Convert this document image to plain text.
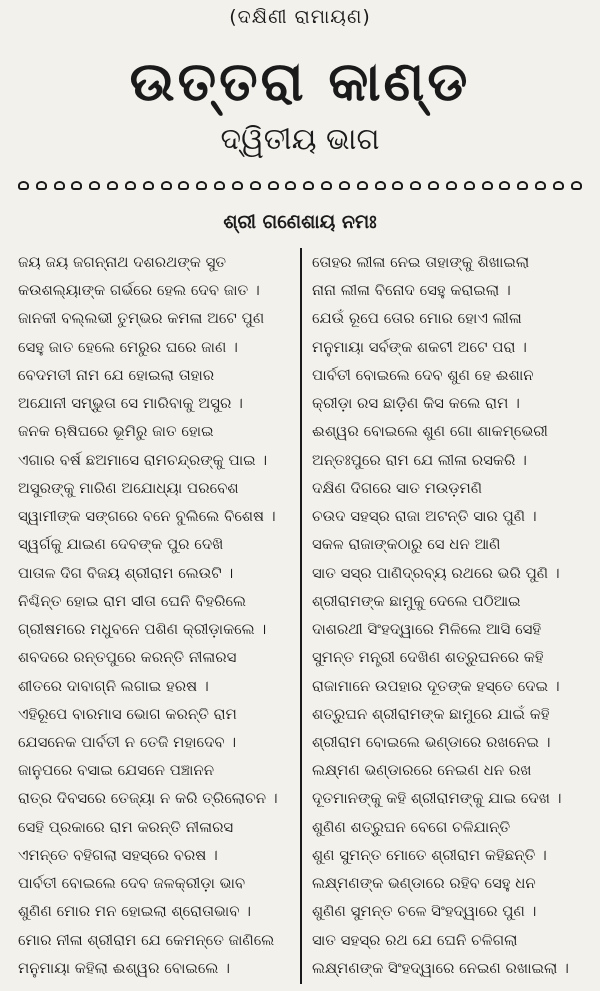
(ଦକ୍ଷିଣୀ ରାମାୟଣ)
ଉତ୍ତରା କାଣ୍ଡ
ଦ୍ୱିତୀୟ ଭାଗ
ଶ୍ରୀ ଗଣେଶାୟ ନମଃ
ଜୟ ଜୟ ଜଗନ୍ନାଥ ଦଶରଥଙ୍କ ସୁତ
କଉଶଲ୍ୟାଙ୍କ ଗର୍ଭରେ ହେଲ ଦେବ ଜାତ ।
ଜାନକୀ ବଲ୍ଲଭୀ ତୁମ୍ଭର କମଳା ଅଟେ ପୁଣ
ସେହୁ ଜାତ ହେଲେ ମେରୁର ଘରେ ଜାଣ ।
ବେଦମତୀ ନାମ ଯେ ହୋଇଲା ତାହାର
ଅଯୋନୀ ସମ୍ଭୁତା ସେ ମାରିବାକୁ ଅସୁର ।
ଜନକ ଋଷିଘରେ ଭୂମିରୁ ଜାତ ହୋଇ
ଏଗାର ବର୍ଷ ଛଅମାସେ ରାମଚନ୍ଦ୍ରଙ୍କୁ ପାଇ ।
ଅସୁରଙ୍କୁ ମାରିଣ ଅଯୋଧ୍ୟା ପରବେଶ
ସ୍ୱାମୀଙ୍କ ସଙ୍ଗରେ ବନେ ବୁଲିଲେ ବିଶେଷ ।
ସ୍ୱର୍ଗକୁ ଯାଇଣ ଦେବଙ୍କ ପୁର ଦେଖି
ପାତାଳ ଦିଗ ବିଜୟ ଶ୍ରୀରାମ ଲେଉଟି ।
ନିଶ୍ଚିନ୍ତ ହୋଇ ରାମ ସୀତା ଘେନି ବିହରିଲେ
ଗ୍ରୀଷମରେ ମଧୁବନେ ପଶିଣ କ୍ରୀଡ଼ାକଲେ ।
ଶବଦରେ ରନ୍ତପୁରେ କରନ୍ତି ନୀଳାରସ
ଶୀତରେ ଦାବାଗ୍ନି ଲଗାଇ ହରଷ ।
ଏହିରୂପେ ବାରମାସ ଭୋଗ କରନ୍ତି ରାମ
ଯେସନେକ ପାର୍ବତୀ ନ ତେଜି ମହାଦେବ ।
ଜାନୁପରେ ବସାଇ ଯେସନେ ପଞ୍ଚାନନ
ରାତ୍ର ଦିବସରେ ତେଜ୍ୟା ନ କରି ତ୍ରିଲୋଚନ ।
ସେହି ପ୍ରକାରେ ରାମ କରନ୍ତି ନୀଳାରସ
ଏମନ୍ତେ ବହିଗଲା ସହସ୍ରେ ବରଷ ।
ପାର୍ବତୀ ବୋଇଲେ ଦେବ ଜଳକ୍ରୀଡ଼ା ଭାବ
ଶୁଣିଣ ମୋର ମନ ହୋଇଲା ଶ୍ରୋତାଭାବ ।
ମୋର ନୀଳା ଶ୍ରୀରାମ ଯେ କେମନ୍ତେ ଜାଣିଲେ
ମନୁମାୟା କହିଲା ଈଶ୍ୱର ବୋଇଲେ ।
ତୋହର ଲୀଳା ନେଇ ତାହାଙ୍କୁ ଶିଖାଇଲା
ନାନା ଲୀଳା ବିନୋଦ ସେହୁ କରାଇଲା ।
ଯେଉଁ ରୂପେ ତୋର ମୋର ହୋଏ ଲୀଳା
ମନୁମାୟା ସର୍ବଙ୍କ ଶକଟୀ ଅଟେ ପରା ।
ପାର୍ବତୀ ବୋଇଲେ ଦେବ ଶୁଣ ହେ ଈଶାନ
କ୍ରୀଡ଼ା ରସ ଛାଡ଼ିଣ କିସ କଲେ ରାମ ।
ଈଶ୍ୱର ବୋଇଲେ ଶୁଣ ଗୋ ଶାକମ୍ଭେରୀ
ଅନ୍ତଃପୁରେ ରାମ ଯେ ଲୀଳା ରସକରି ।
ଦକ୍ଷିଣ ଦିଗରେ ସାତ ମଉଡ଼ମଣି
ଚଉଦ ସହସ୍ର ରାଜା ଅଟନ୍ତି ସାର ପୁଣି ।
ସକଳ ରାଜାଙ୍କଠାରୁ ସେ ଧନ ଆଣି
ସାତ ସସ୍ର ପାଣିଦ୍ରବ୍ୟ ରଥରେ ଭରି ପୁଣି ।
ଶ୍ରୀରାମଙ୍କ ଛାମୁକୁ ଦେଲେ ପଠିଆଇ
ଦାଶରଥୀ ସିଂହଦ୍ୱାରେ ମିଳିଲେ ଆସି ସେହି
ସୁମନ୍ତ ମନ୍ତ୍ରୀ ଦେଖିଣ ଶତ୍ରୁଘନରେ କହି
ରାଜାମାନେ ଉପହାର ଦୂତଙ୍କ ହସ୍ତେ ଦେଇ ।
ଶତ୍ରୁଘନ ଶ୍ରୀରାମଙ୍କ ଛାମୁରେ ଯାଇଁ କହି
ଶ୍ରୀରାମ ବୋଇଲେ ଭଣ୍ଡାରେ ରଖନେଇ ।
ଲକ୍ଷ୍ମଣ ଭଣ୍ଡାରରେ ନେଇଣ ଧନ ରଖ
ଦୂତମାନଙ୍କୁ କହି ଶ୍ରୀରାମଙ୍କୁ ଯାଇ ଦେଖ ।
ଶୁଣିଣ ଶତ୍ରୁଘନ ବେଗେ ଚଳିଯାନ୍ତି
ଶୁଣ ସୁମନ୍ତ ମୋତେ ଶ୍ରୀରାମ କହିଛନ୍ତି ।
ଲକ୍ଷ୍ମଣଙ୍କ ଭଣ୍ଡାରେ ରହିବ ସେହୁ ଧନ
ଶୁଣିଣ ସୁମନ୍ତ ଚଳେ ସିଂହଦ୍ୱାରେ ପୁଣ ।
ସାତ ସହସ୍ର ରଥ ଯେ ଘେନି ଚଳିଗଲା
ଲକ୍ଷ୍ମଣଙ୍କ ସିଂହଦ୍ୱାରେ ନେଇଣ ରଖାଇଲା ।
